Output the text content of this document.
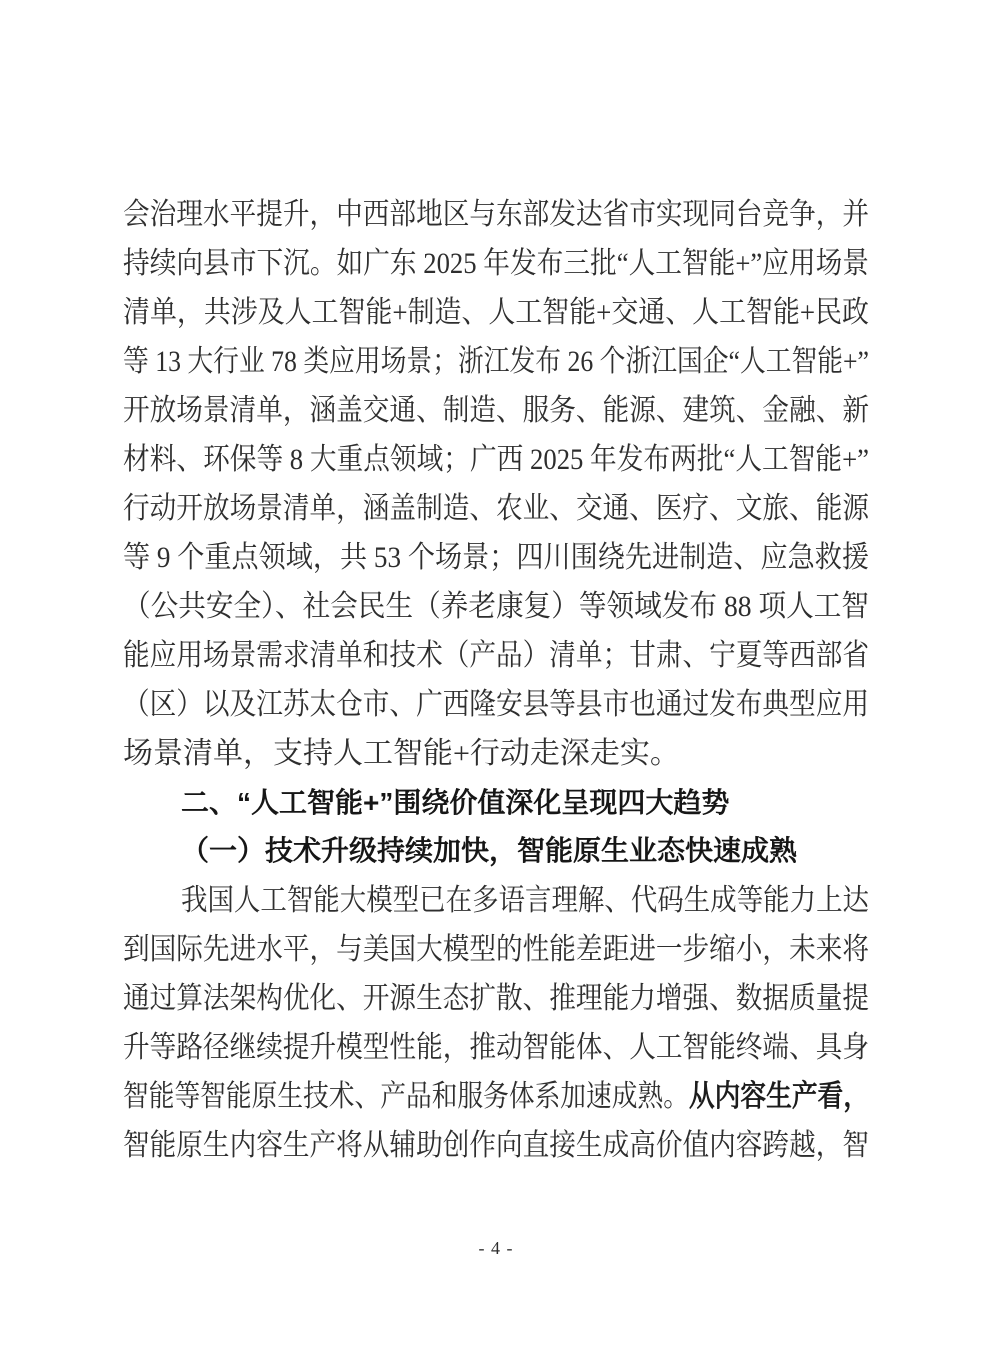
会治理水平提升，中西部地区与东部发达省市实现同台竞争，并
持续向县市下沉。如广东 2025 年发布三批“人工智能+”应用场景
清单，共涉及人工智能+制造、人工智能+交通、人工智能+民政
等 13 大行业 78 类应用场景；浙江发布 26 个浙江国企“人工智能+”
开放场景清单，涵盖交通、制造、服务、能源、建筑、金融、新
材料、环保等 8 大重点领域；广西 2025 年发布两批“人工智能+”
行动开放场景清单，涵盖制造、农业、交通、医疗、文旅、能源
等 9 个重点领域，共 53 个场景；四川围绕先进制造、应急救援
（公共安全）、社会民生（养老康复）等领域发布 88 项人工智
能应用场景需求清单和技术（产品）清单；甘肃、宁夏等西部省
（区）以及江苏太仓市、广西隆安县等县市也通过发布典型应用
场景清单，支持人工智能+行动走深走实。
二、“人工智能+”围绕价值深化呈现四大趋势
（一）技术升级持续加快，智能原生业态快速成熟
我国人工智能大模型已在多语言理解、代码生成等能力上达
到国际先进水平，与美国大模型的性能差距进一步缩小，未来将
通过算法架构优化、开源生态扩散、推理能力增强、数据质量提
升等路径继续提升模型性能，推动智能体、人工智能终端、具身
智能等智能原生技术、产品和服务体系加速成熟。从内容生产看，
智能原生内容生产将从辅助创作向直接生成高价值内容跨越，智
- 4 -
